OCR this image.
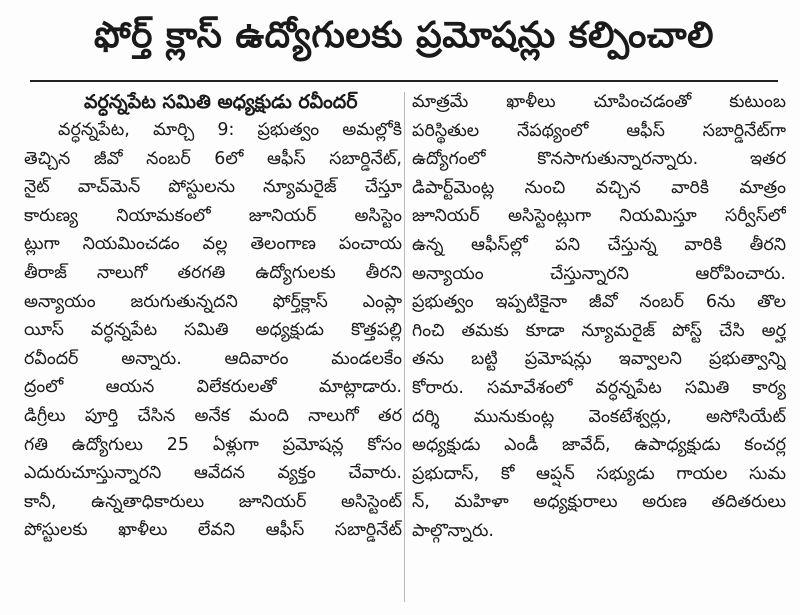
ఫోర్త్ క్లాస్ ఉద్యోగులకు ప్రమోషన్లు కల్పించాలి
వర్ధన్నపేట సమితి అధ్యక్షుడు రవీందర్
వర్ధన్నపేట, మార్చి 9: ప్రభుత్వం అమల్లోకి
తెచ్చిన జీవో నంబర్ 6లో ఆఫీస్ సబార్డినేట్,
నైట్ వాచ్‌మెన్ పోస్టులను న్యూమరైజ్ చేస్తూ
కారుణ్య నియామకంలో జూనియర్ అసిస్టెం
ట్లుగా నియమించడం వల్ల తెలంగాణ పంచాయ
తీరాజ్ నాలుగో తరగతి ఉద్యోగులకు తీరని
అన్యాయం జరుగుతున్నదని ఫోర్త్‌క్లాస్ ఎంప్లా
యీస్ వర్ధన్నపేట సమితి అధ్యక్షుడు కొత్తపల్లి
రవీందర్ అన్నారు. ఆదివారం మండలకేం
ద్రంలో ఆయన విలేకరులతో మాట్లాడారు.
డిగ్రీలు పూర్తి చేసిన అనేక మంది నాలుగో తర
గతి ఉద్యోగులు 25 ఏళ్లుగా ప్రమోషన్ల కోసం
ఎదురుచూస్తున్నారని ఆవేదన వ్యక్తం చేవారు.
కానీ, ఉన్నతాధికారులు జూనియర్ అసిస్టెంట్
పోస్టులకు ఖాళీలు లేవని ఆఫీస్ సబార్డినేట్
మాత్రమే ఖాళీలు చూపించడంతో కుటుంబ
పరిస్థితుల నేపథ్యంలో ఆఫీస్ సబార్డినేట్‌గా
ఉద్యోగంలో కొనసాగుతున్నారన్నారు. ఇతర
డిపార్ట్‌మెంట్ల నుంచి వచ్చిన వారికి మాత్రం
జూనియర్ అసిస్టెంట్లుగా నియమిస్తూ సర్వీస్‌లో
ఉన్న ఆఫీస్‌ల్లో పని చేస్తున్న వారికి తీరని
అన్యాయం చేస్తున్నారని ఆరోపించారు.
ప్రభుత్వం ఇప్పటికైనా జీవో నంబర్ 6ను తొల
గించి తమకు కూడా న్యూమరైజ్ పోస్ట్ చేసి అర్హ
తను బట్టి ప్రమోషన్లు ఇవ్వాలని ప్రభుత్వాన్ని
కోరారు. సమావేశంలో వర్ధన్నపేట సమితి కార్య
దర్శి మునుకుంట్ల వెంకటేశ్వర్లు, అసోసియేట్
అధ్యక్షుడు ఎండీ జావేద్, ఉపాధ్యక్షుడు కంచర్ల
ప్రభుదాస్, కో ఆప్షన్ సభ్యుడు గాయల సుమ
న్, మహిళా అధ్యక్షురాలు అరుణ తదితరులు
పాల్గొన్నారు.
